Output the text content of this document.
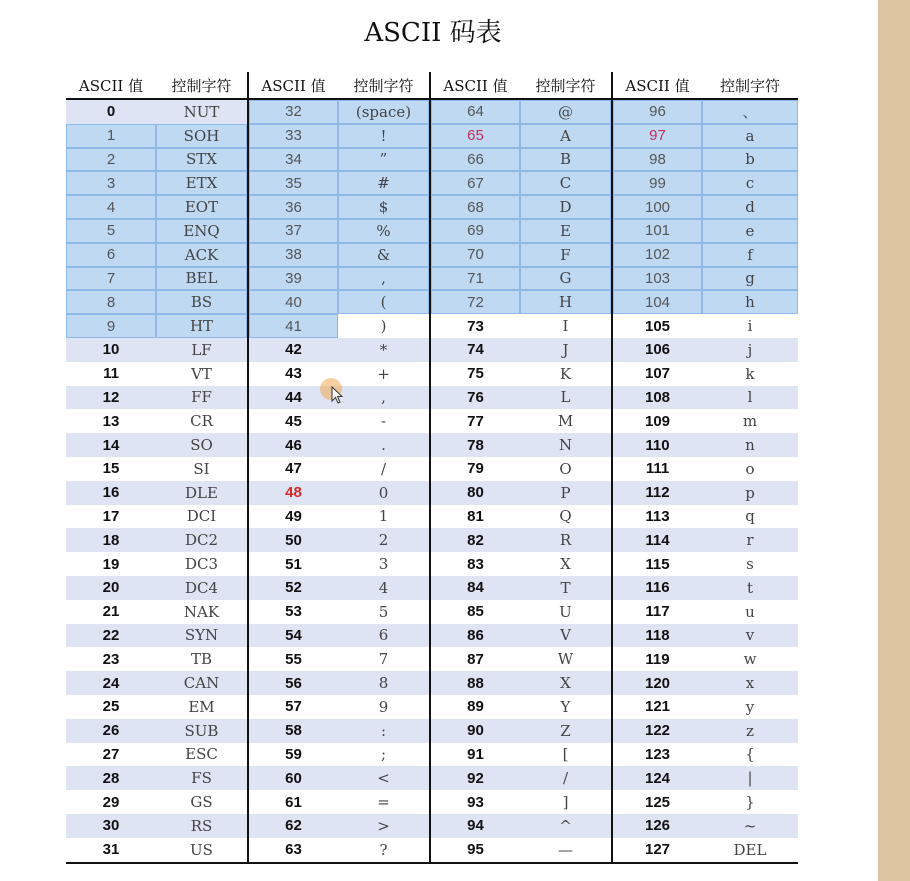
ASCII 码表
ASCII 值	控制字符	ASCII 值	控制字符	ASCII 值	控制字符	ASCII 值	控制字符
0	NUT	32	(space)	64	@	96	、
1	SOH	33	!	65	A	97	a
2	STX	34	”	66	B	98	b
3	ETX	35	#	67	C	99	c
4	EOT	36	$	68	D	100	d
5	ENQ	37	%	69	E	101	e
6	ACK	38	&	70	F	102	f
7	BEL	39	,	71	G	103	g
8	BS	40	(	72	H	104	h
9	HT	41	)	73	I	105	i
10	LF	42	*	74	J	106	j
11	VT	43	+	75	K	107	k
12	FF	44	,	76	L	108	l
13	CR	45	-	77	M	109	m
14	SO	46	.	78	N	110	n
15	SI	47	/	79	O	111	o
16	DLE	48	0	80	P	112	p
17	DCI	49	1	81	Q	113	q
18	DC2	50	2	82	R	114	r
19	DC3	51	3	83	X	115	s
20	DC4	52	4	84	T	116	t
21	NAK	53	5	85	U	117	u
22	SYN	54	6	86	V	118	v
23	TB	55	7	87	W	119	w
24	CAN	56	8	88	X	120	x
25	EM	57	9	89	Y	121	y
26	SUB	58	:	90	Z	122	z
27	ESC	59	;	91	[	123	{
28	FS	60	<	92	/	124	|
29	GS	61	=	93	]	125	}
30	RS	62	>	94	^	126	~
31	US	63	?	95	—	127	DEL
